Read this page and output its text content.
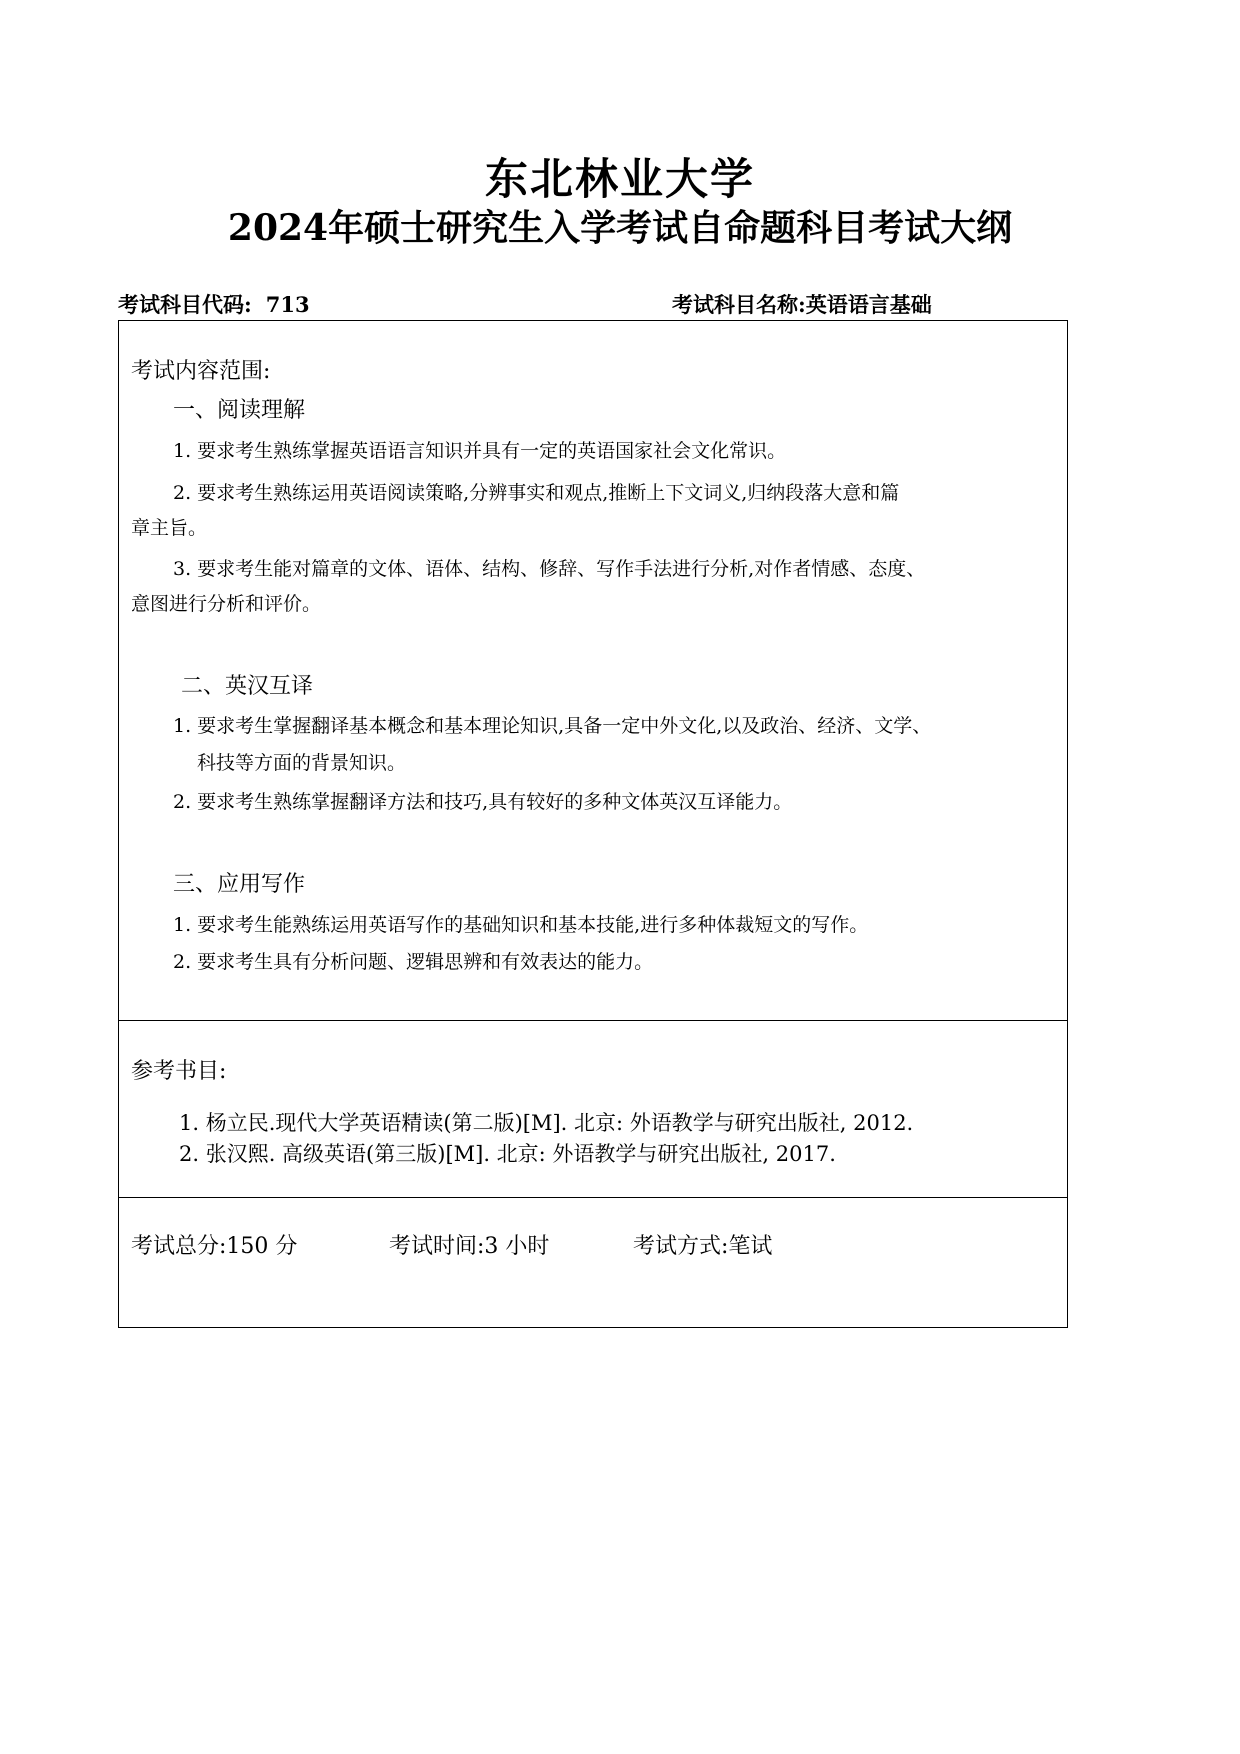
东北林业大学
2024年硕士研究生入学考试自命题科目考试大纲
考试科目代码: 713	考试科目名称:英语语言基础
考试内容范围:
一、阅读理解
1. 要求考生熟练掌握英语语言知识并具有一定的英语国家社会文化常识。
2. 要求考生熟练运用英语阅读策略,分辨事实和观点,推断上下文词义,归纳段落大意和篇
章主旨。
3. 要求考生能对篇章的文体、语体、结构、修辞、写作手法进行分析,对作者情感、态度、
意图进行分析和评价。
二、英汉互译
1. 要求考生掌握翻译基本概念和基本理论知识,具备一定中外文化,以及政治、经济、文学、
科技等方面的背景知识。
2. 要求考生熟练掌握翻译方法和技巧,具有较好的多种文体英汉互译能力。
三、应用写作
1. 要求考生能熟练运用英语写作的基础知识和基本技能,进行多种体裁短文的写作。
2. 要求考生具有分析问题、逻辑思辨和有效表达的能力。
参考书目:
1. 杨立民.现代大学英语精读(第二版)[M]. 北京: 外语教学与研究出版社, 2012.
2. 张汉熙. 高级英语(第三版)[M]. 北京: 外语教学与研究出版社, 2017.
考试总分:150 分	考试时间:3 小时	考试方式:笔试
